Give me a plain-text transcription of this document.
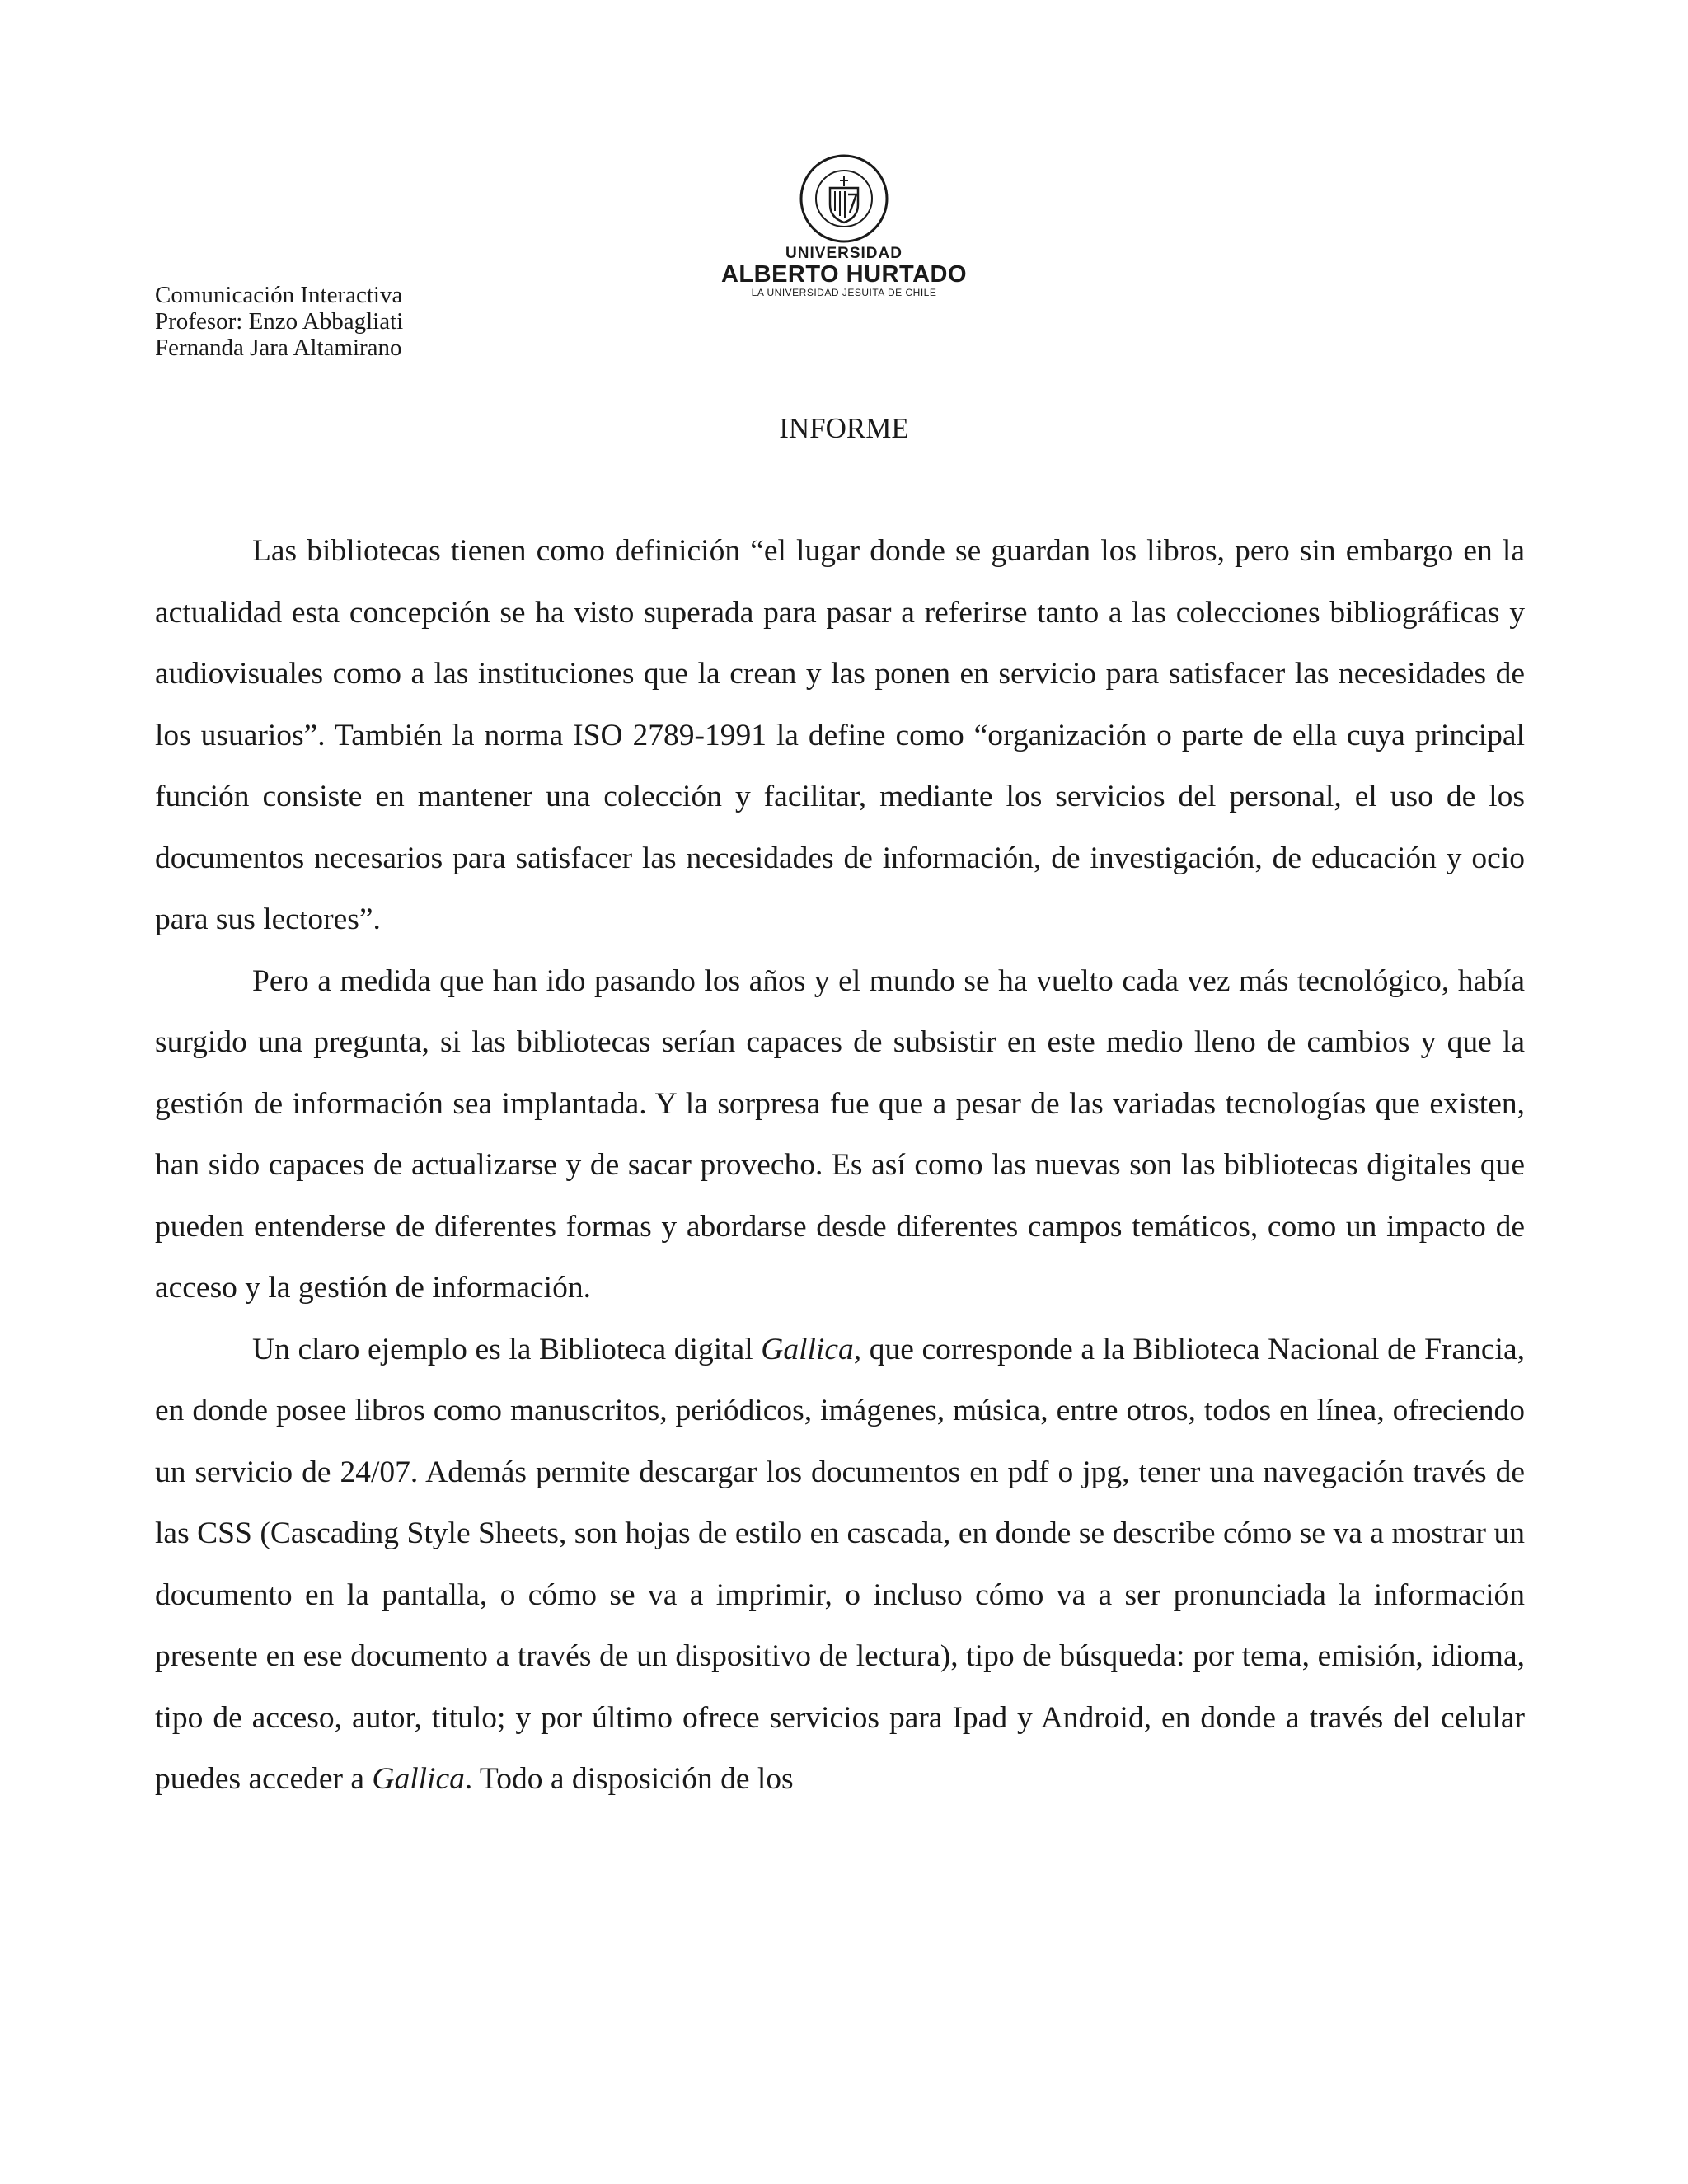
UNIVERSIDAD
ALBERTO HURTADO
LA UNIVERSIDAD JESUITA DE CHILE
Comunicación Interactiva
Profesor: Enzo Abbagliati
Fernanda Jara Altamirano
INFORME

Las bibliotecas tienen como definición “el lugar donde se guardan los libros, pero sin embargo en la actualidad esta concepción se ha visto superada para pasar a referirse tanto a las colecciones bibliográficas y audiovisuales como a las instituciones que la crean y las ponen en servicio para satisfacer las necesidades de los usuarios”. También la norma ISO 2789-1991 la define como “organización o parte de ella cuya principal función consiste en mantener una colección y facilitar, mediante los servicios del personal, el uso de los documentos necesarios para satisfacer las necesidades de información, de investigación, de educación y ocio para sus lectores”.

Pero a medida que han ido pasando los años y el mundo se ha vuelto cada vez más tecnológico, había surgido una pregunta, si las bibliotecas serían capaces de subsistir en este medio lleno de cambios y que la gestión de información sea implantada. Y la sorpresa fue que a pesar de las variadas tecnologías que existen, han sido capaces de actualizarse y de sacar provecho. Es así como las nuevas son las bibliotecas digitales que pueden entenderse de diferentes formas y abordarse desde diferentes campos temáticos, como un impacto de acceso y la gestión de información.

Un claro ejemplo es la Biblioteca digital Gallica, que corresponde a la Biblioteca Nacional de Francia, en donde posee libros como manuscritos, periódicos, imágenes, música, entre otros, todos en línea, ofreciendo un servicio de 24/07. Además permite descargar los documentos en pdf o jpg, tener una navegación través de las CSS (Cascading Style Sheets, son hojas de estilo en cascada, en donde se describe cómo se va a mostrar un documento en la pantalla, o cómo se va a imprimir, o incluso cómo va a ser pronunciada la información presente en ese documento a través de un dispositivo de lectura), tipo de búsqueda: por tema, emisión, idioma, tipo de acceso, autor, titulo; y por último ofrece servicios para Ipad y Android, en donde a través del celular puedes acceder a Gallica. Todo a disposición de los
